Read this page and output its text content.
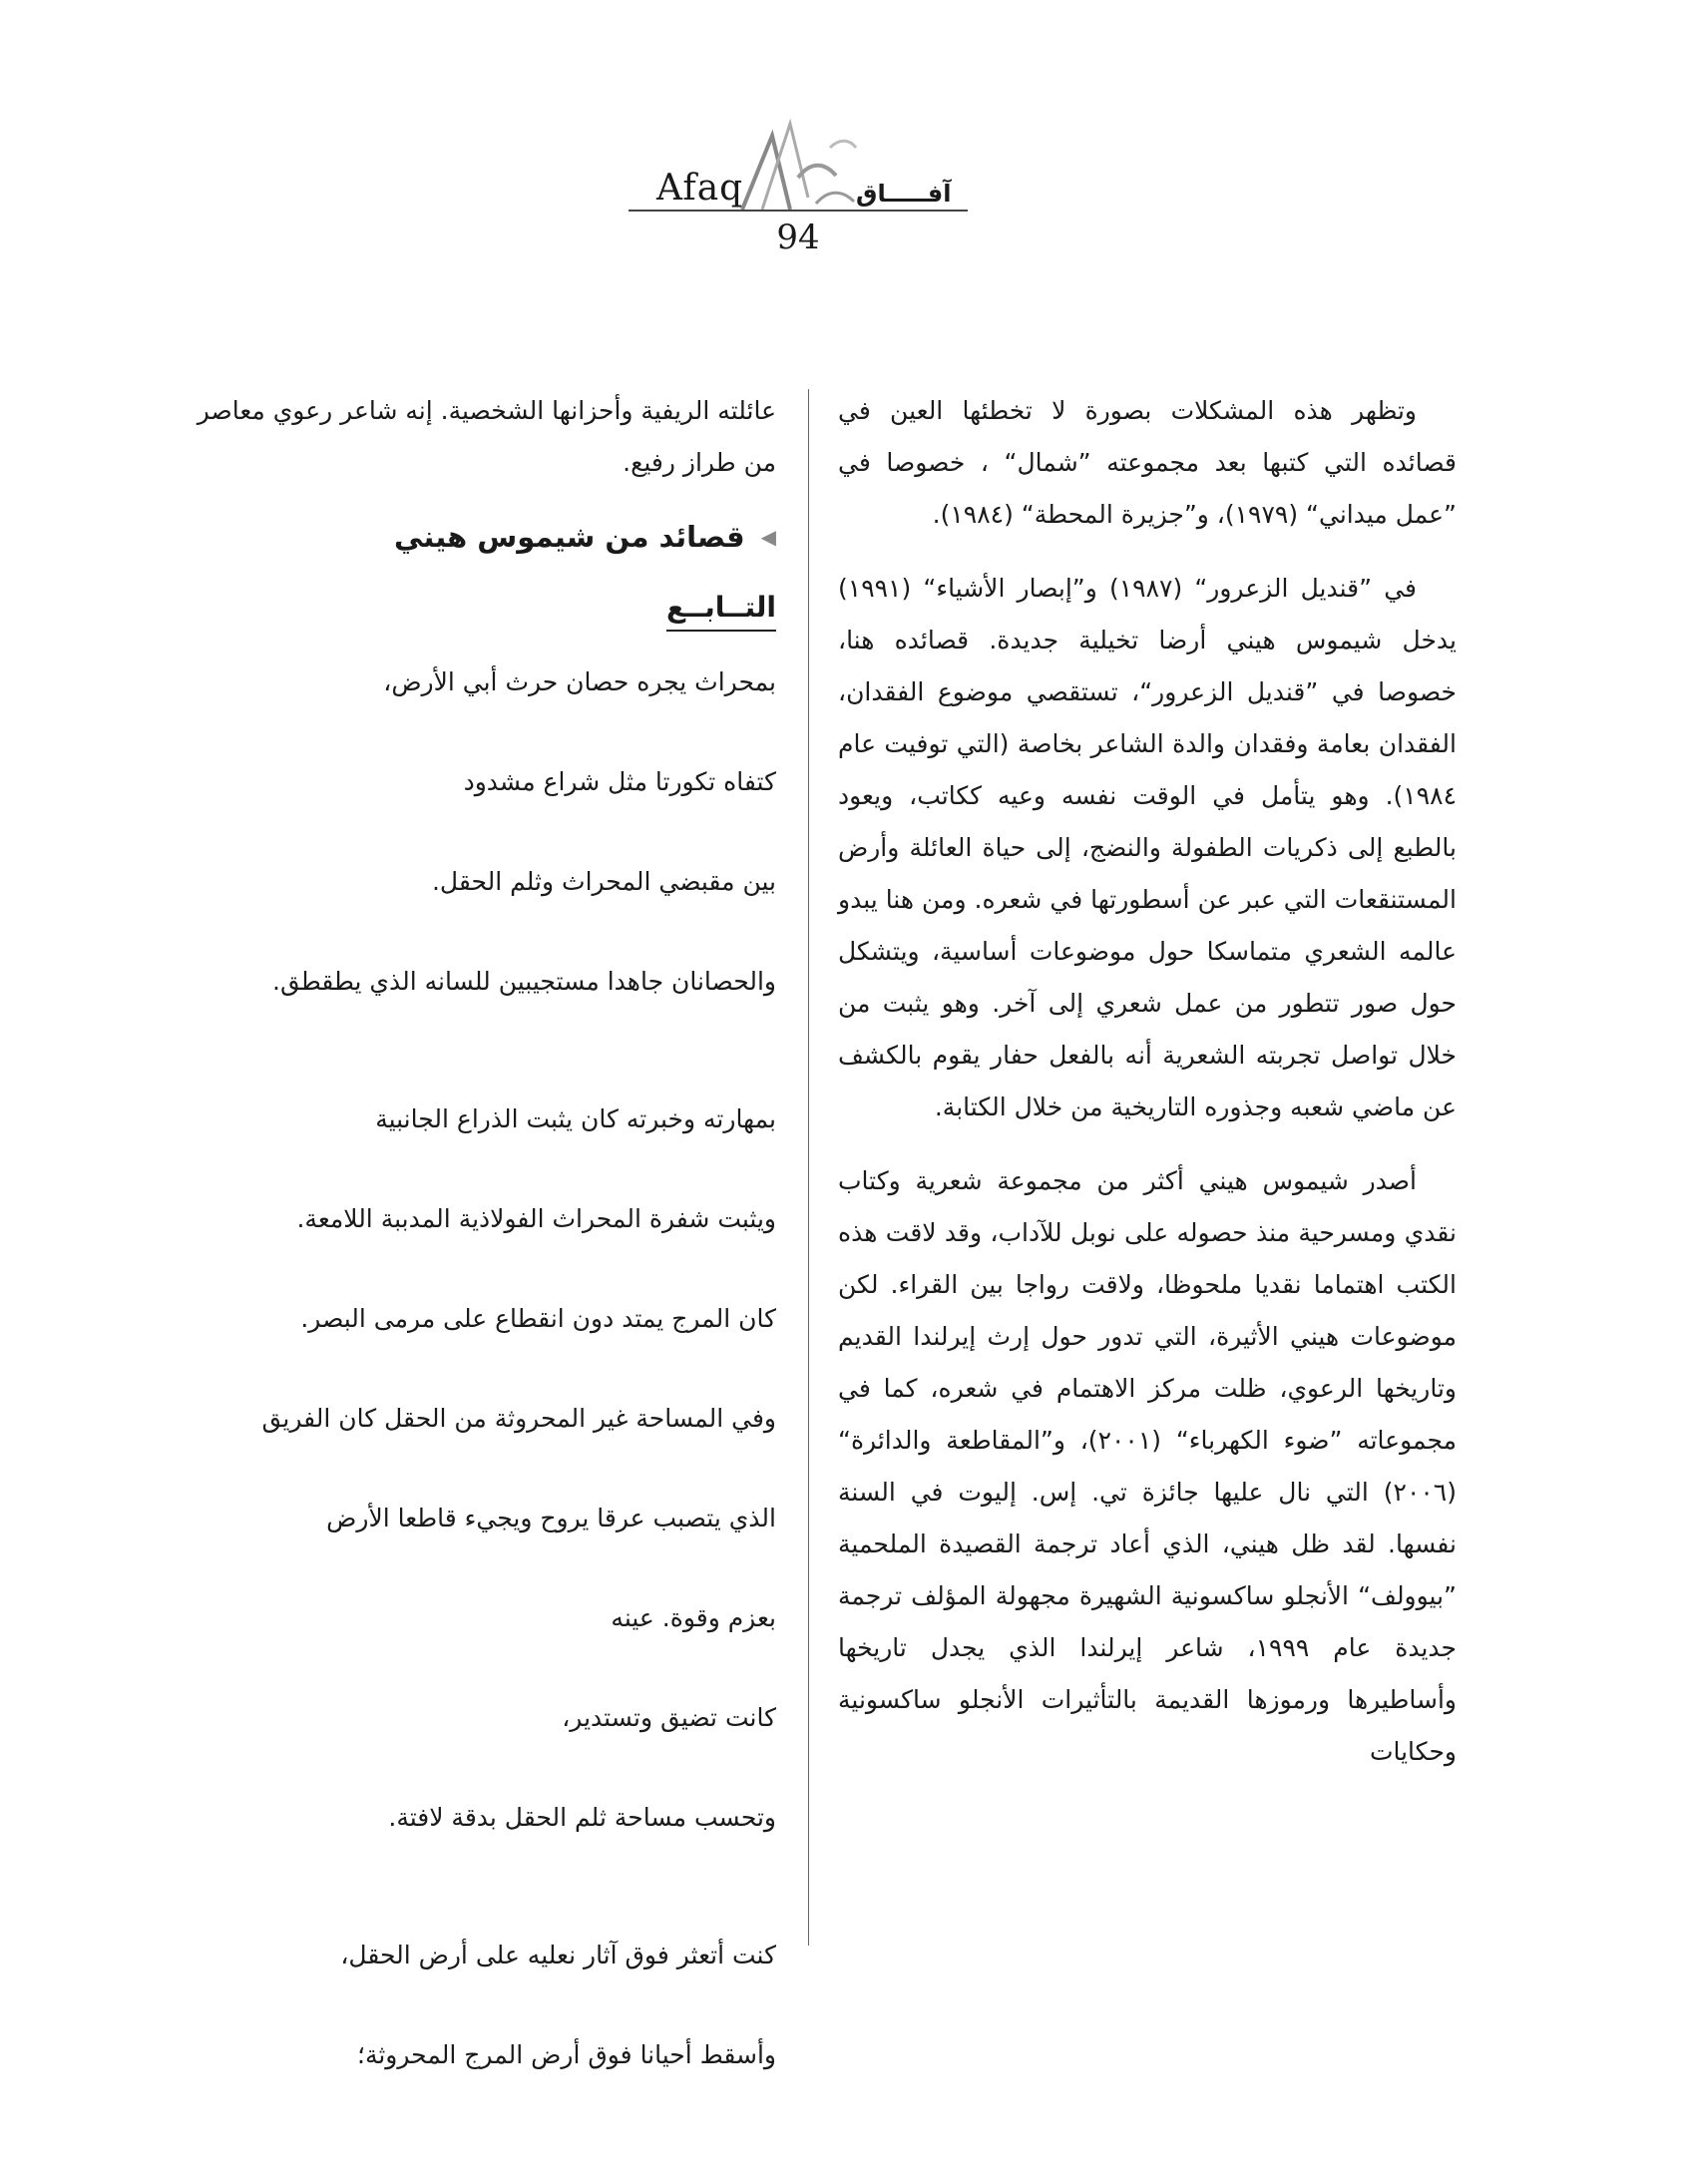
Afaq	آفـــــاق
94

وتظهر هذه المشكلات بصورة لا تخطئها العين في قصائده التي كتبها بعد مجموعته ”شمال“ ، خصوصا في ”عمل ميداني“ (١٩٧٩)، و”جزيرة المحطة“ (١٩٨٤).

في ”قنديل الزعرور“ (١٩٨٧) و”إبصار الأشياء“ (١٩٩١) يدخل شيموس هيني أرضا تخيلية جديدة. قصائده هنا، خصوصا في ”قنديل الزعرور“، تستقصي موضوع الفقدان، الفقدان بعامة وفقدان والدة الشاعر بخاصة (التي توفيت عام ١٩٨٤). وهو يتأمل في الوقت نفسه وعيه ككاتب، ويعود بالطبع إلى ذكريات الطفولة والنضج، إلى حياة العائلة وأرض المستنقعات التي عبر عن أسطورتها في شعره. ومن هنا يبدو عالمه الشعري متماسكا حول موضوعات أساسية، ويتشكل حول صور تتطور من عمل شعري إلى آخر. وهو يثبت من خلال تواصل تجربته الشعرية أنه بالفعل حفار يقوم بالكشف عن ماضي شعبه وجذوره التاريخية من خلال الكتابة.

أصدر شيموس هيني أكثر من مجموعة شعرية وكتاب نقدي ومسرحية منذ حصوله على نوبل للآداب، وقد لاقت هذه الكتب اهتماما نقديا ملحوظا، ولاقت رواجا بين القراء. لكن موضوعات هيني الأثيرة، التي تدور حول إرث إيرلندا القديم وتاريخها الرعوي، ظلت مركز الاهتمام في شعره، كما في مجموعاته ”ضوء الكهرباء“ (٢٠٠١)، و”المقاطعة والدائرة“ (٢٠٠٦) التي نال عليها جائزة تي. إس. إليوت في السنة نفسها. لقد ظل هيني، الذي أعاد ترجمة القصيدة الملحمية ”بيوولف“ الأنجلو ساكسونية الشهيرة مجهولة المؤلف ترجمة جديدة عام ١٩٩٩، شاعر إيرلندا الذي يجدل تاريخها وأساطيرها ورموزها القديمة بالتأثيرات الأنجلو ساكسونية وحكايات

عائلته الريفية وأحزانها الشخصية. إنه شاعر رعوي معاصر من طراز رفيع.

◀
قصائد من شيموس هيني
التــابــع

بمحراث يجره حصان حرث أبي الأرض،

كتفاه تكورتا مثل شراع مشدود

بين مقبضي المحراث وثلم الحقل.

والحصانان جاهدا مستجيبين للسانه الذي يطقطق.

بمهارته وخبرته كان يثبت الذراع الجانبية

ويثبت شفرة المحراث الفولاذية المدببة اللامعة.

كان المرج يمتد دون انقطاع على مرمى البصر.

وفي المساحة غير المحروثة من الحقل كان الفريق

الذي يتصبب عرقا يروح ويجيء قاطعا الأرض

بعزم وقوة. عينه

كانت تضيق وتستدير،

وتحسب مساحة ثلم الحقل بدقة لافتة.

كنت أتعثر فوق آثار نعليه على أرض الحقل،

وأسقط أحيانا فوق أرض المرج المحروثة؛
